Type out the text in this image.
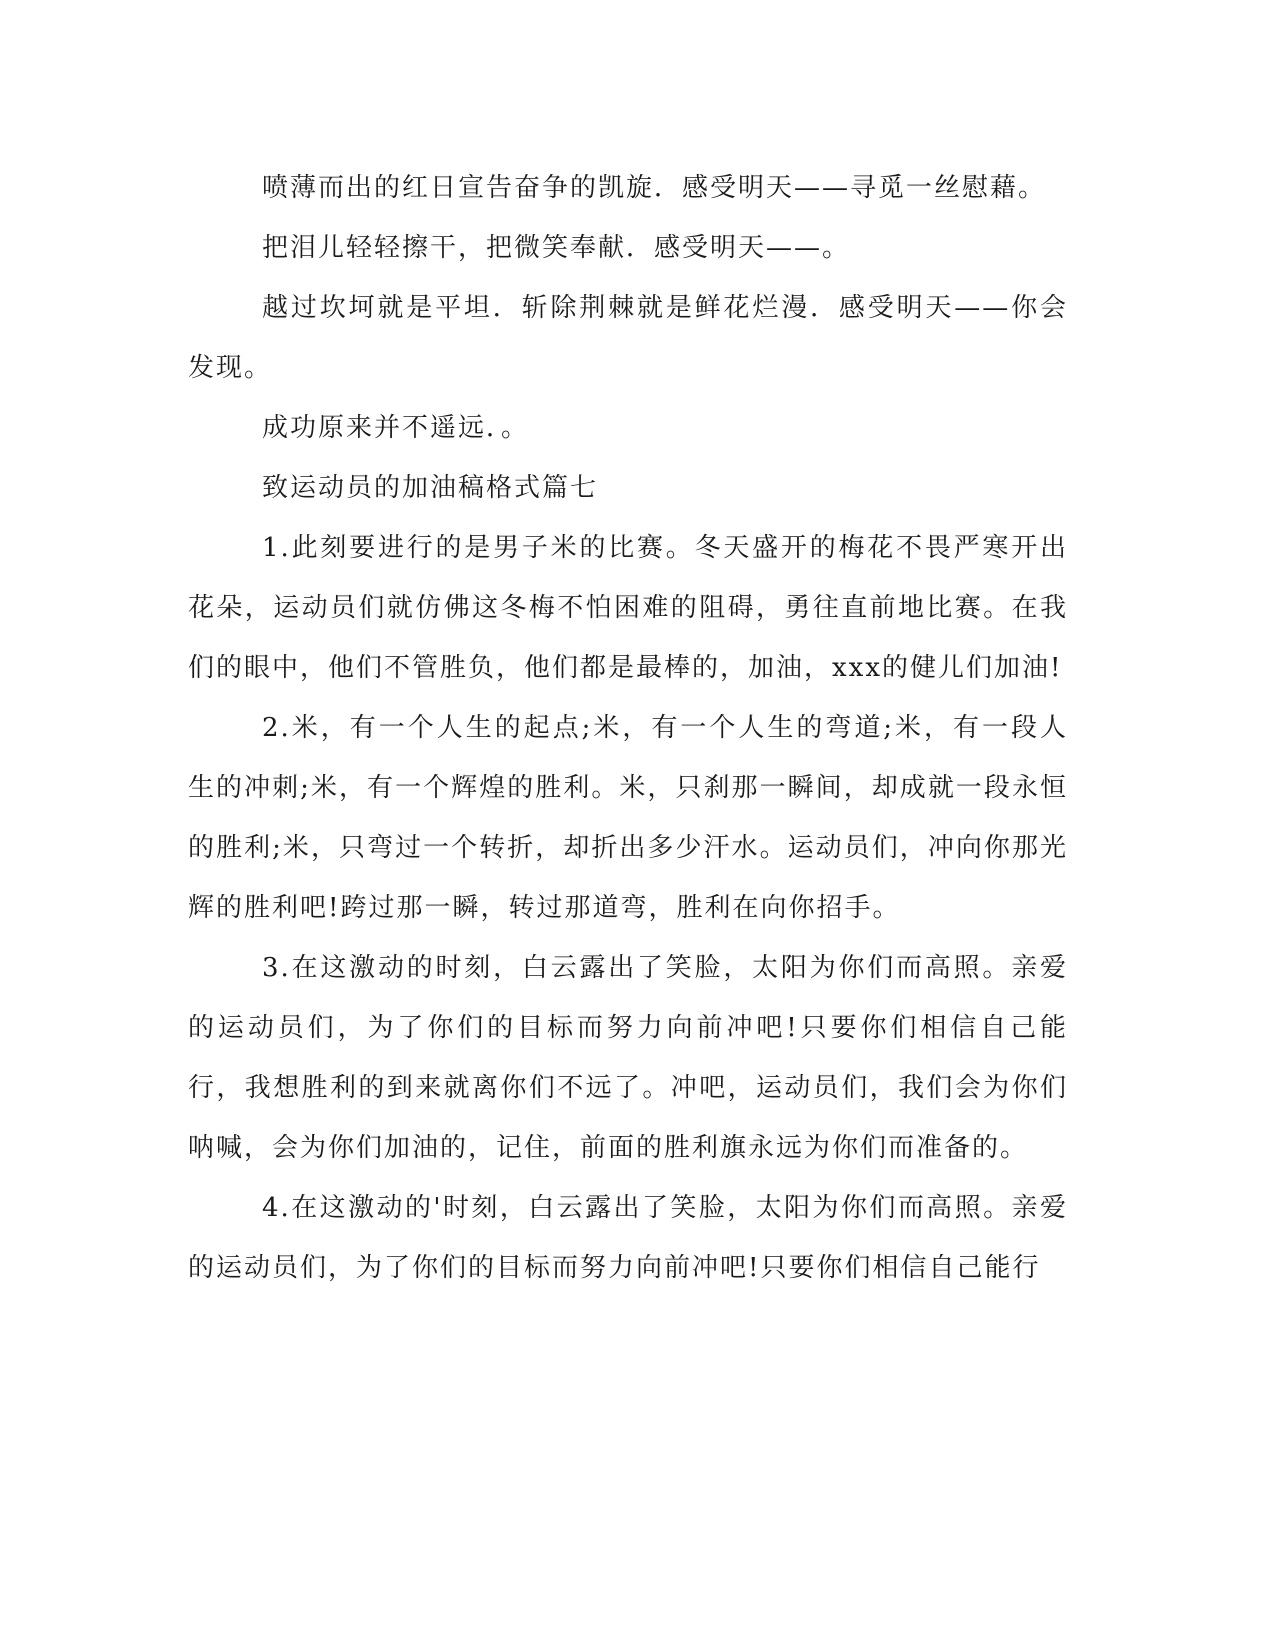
喷薄而出的红日宣告奋争的凯旋．感受明天——寻觅一丝慰藉。

把泪儿轻轻擦干，把微笑奉献．感受明天——。

越过坎坷就是平坦．斩除荆棘就是鲜花烂漫．感受明天——你会发现。

成功原来并不遥远．。

致运动员的加油稿格式篇七

1.此刻要进行的是男子米的比赛。冬天盛开的梅花不畏严寒开出花朵，运动员们就仿佛这冬梅不怕困难的阻碍，勇往直前地比赛。在我们的眼中，他们不管胜负，他们都是最棒的，加油，xxx的健儿们加油!

2.米，有一个人生的起点;米，有一个人生的弯道;米，有一段人生的冲刺;米，有一个辉煌的胜利。米，只刹那一瞬间，却成就一段永恒的胜利;米，只弯过一个转折，却折出多少汗水。运动员们，冲向你那光辉的胜利吧!跨过那一瞬，转过那道弯，胜利在向你招手。

3.在这激动的时刻，白云露出了笑脸，太阳为你们而高照。亲爱的运动员们，为了你们的目标而努力向前冲吧!只要你们相信自己能行，我想胜利的到来就离你们不远了。冲吧，运动员们，我们会为你们呐喊，会为你们加油的，记住，前面的胜利旗永远为你们而准备的。

4.在这激动的'时刻，白云露出了笑脸，太阳为你们而高照。亲爱的运动员们，为了你们的目标而努力向前冲吧!只要你们相信自己能行
